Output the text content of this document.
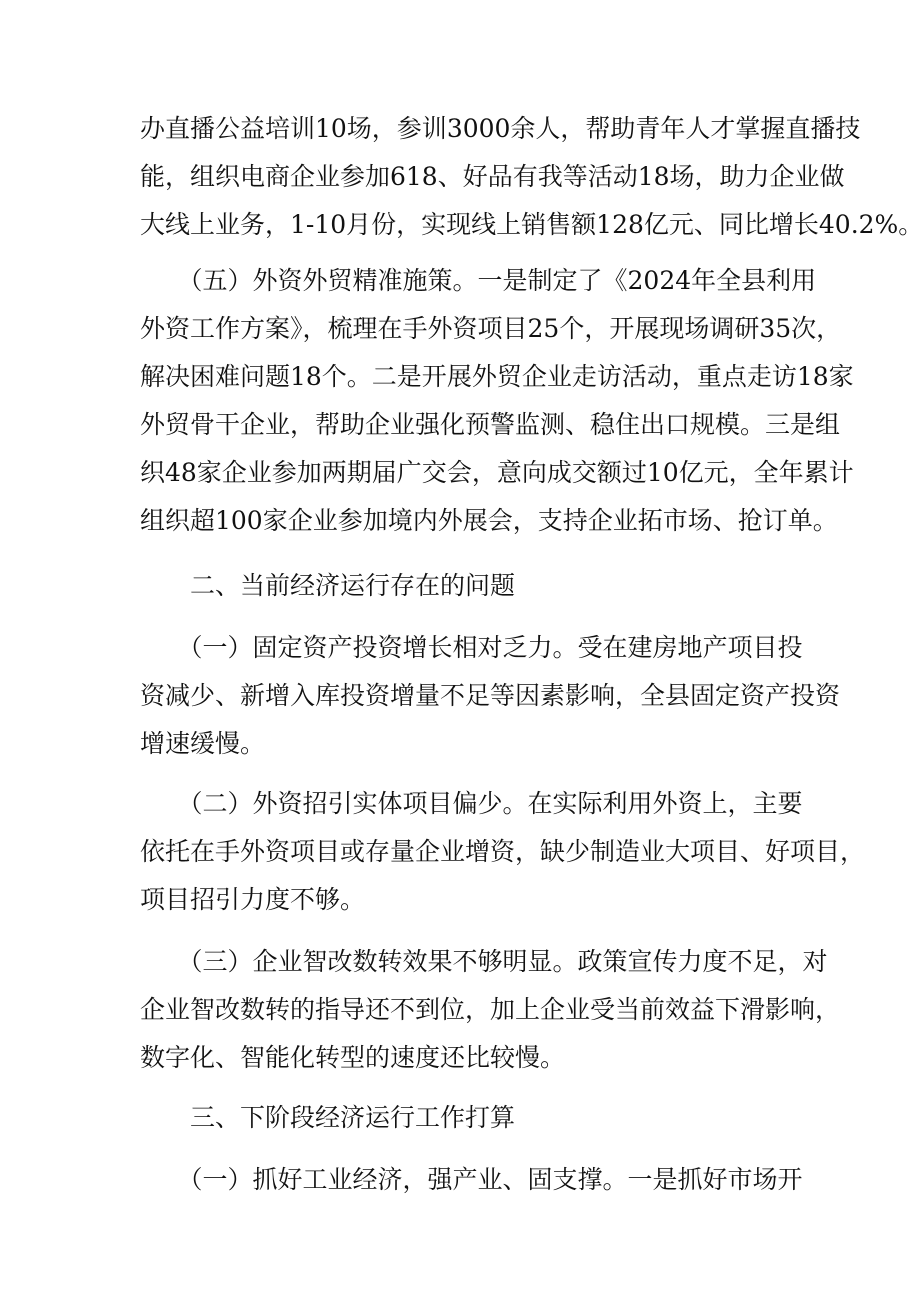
办直播公益培训10场，参训3000余人，帮助青年人才掌握直播技
能，组织电商企业参加618、好品有我等活动18场，助力企业做
大线上业务，1-10月份，实现线上销售额128亿元、同比增长40.2%。
　　（五）外资外贸精准施策。一是制定了《2024年全县利用
外资工作方案》，梳理在手外资项目25个，开展现场调研35次，
解决困难问题18个。二是开展外贸企业走访活动，重点走访18家
外贸骨干企业，帮助企业强化预警监测、稳住出口规模。三是组
织48家企业参加两期届广交会，意向成交额过10亿元，全年累计
组织超100家企业参加境内外展会，支持企业拓市场、抢订单。
　　二、当前经济运行存在的问题
　　（一）固定资产投资增长相对乏力。受在建房地产项目投
资减少、新增入库投资增量不足等因素影响，全县固定资产投资
增速缓慢。
　　（二）外资招引实体项目偏少。在实际利用外资上，主要
依托在手外资项目或存量企业增资，缺少制造业大项目、好项目，
项目招引力度不够。
　　（三）企业智改数转效果不够明显。政策宣传力度不足，对
企业智改数转的指导还不到位，加上企业受当前效益下滑影响，
数字化、智能化转型的速度还比较慢。
　　三、下阶段经济运行工作打算
　　（一）抓好工业经济，强产业、固支撑。一是抓好市场开
